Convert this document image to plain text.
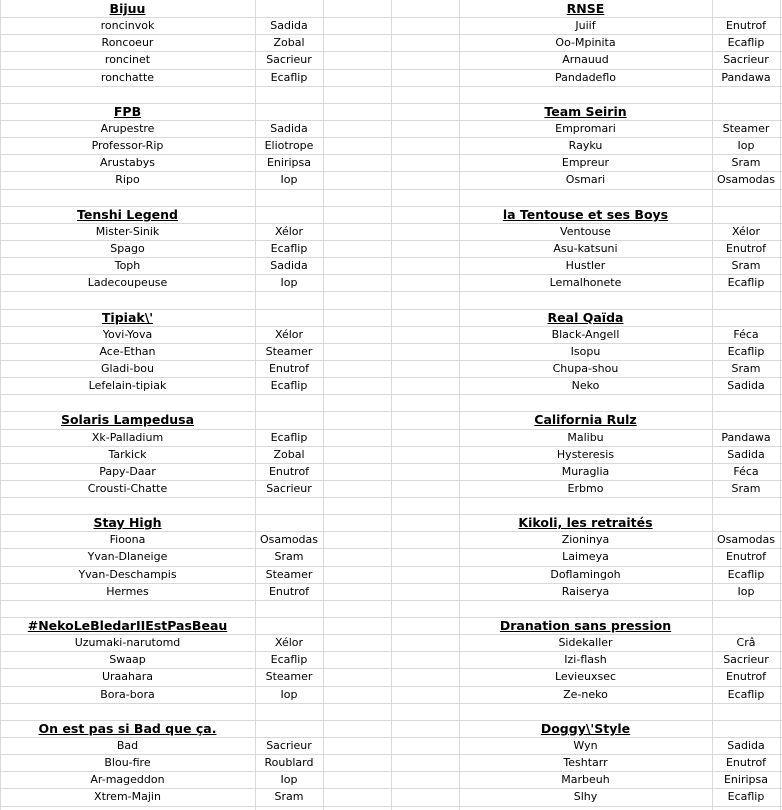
Bijuu
roncinvok	Sadida
Roncoeur	Zobal
roncinet	Sacrieur
ronchatte	Ecaflip
FPB
Arupestre	Sadida
Professor-Rip	Eliotrope
Arustabys	Eniripsa
Ripo	Iop
Tenshi Legend
Mister-Sinik	Xélor
Spago	Ecaflip
Toph	Sadida
Ladecoupeuse	Iop
Tipiak\'
Yovi-Yova	Xélor
Ace-Ethan	Steamer
Gladi-bou	Enutrof
Lefelain-tipiak	Ecaflip
Solaris Lampedusa
Xk-Palladium	Ecaflip
Tarkick	Zobal
Papy-Daar	Enutrof
Crousti-Chatte	Sacrieur
Stay High
Fioona	Osamodas
Yvan-Dlaneige	Sram
Yvan-Deschampis	Steamer
Hermes	Enutrof
#NekoLeBledarIIEstPasBeau
Uzumaki-narutomd	Xélor
Swaap	Ecaflip
Uraahara	Steamer
Bora-bora	Iop
On est pas si Bad que ça.
Bad	Sacrieur
Blou-fire	Roublard
Ar-mageddon	Iop
Xtrem-Majin	Sram
RNSE
Juiif	Enutrof
Oo-Mpinita	Ecaflip
Arnauud	Sacrieur
Pandadeflo	Pandawa
Team Seirin
Empromari	Steamer
Rayku	Iop
Empreur	Sram
Osmari	Osamodas
la Tentouse et ses Boys
Ventouse	Xélor
Asu-katsuni	Enutrof
Hustler	Sram
Lemalhonete	Ecaflip
Real Qaïda
Black-Angell	Féca
Isopu	Ecaflip
Chupa-shou	Sram
Neko	Sadida
California Rulz
Malibu	Pandawa
Hysteresis	Sadida
Muraglia	Féca
Erbmo	Sram
Kikoli, les retraités
Zioninya	Osamodas
Laimeya	Enutrof
Doflamingoh	Ecaflip
Raiserya	Iop
Dranation sans pression
Sidekaller	Crâ
Izi-flash	Sacrieur
Levieuxsec	Enutrof
Ze-neko	Ecaflip
Doggy\'Style
Wyn	Sadida
Teshtarr	Enutrof
Marbeuh	Eniripsa
Slhy	Ecaflip
